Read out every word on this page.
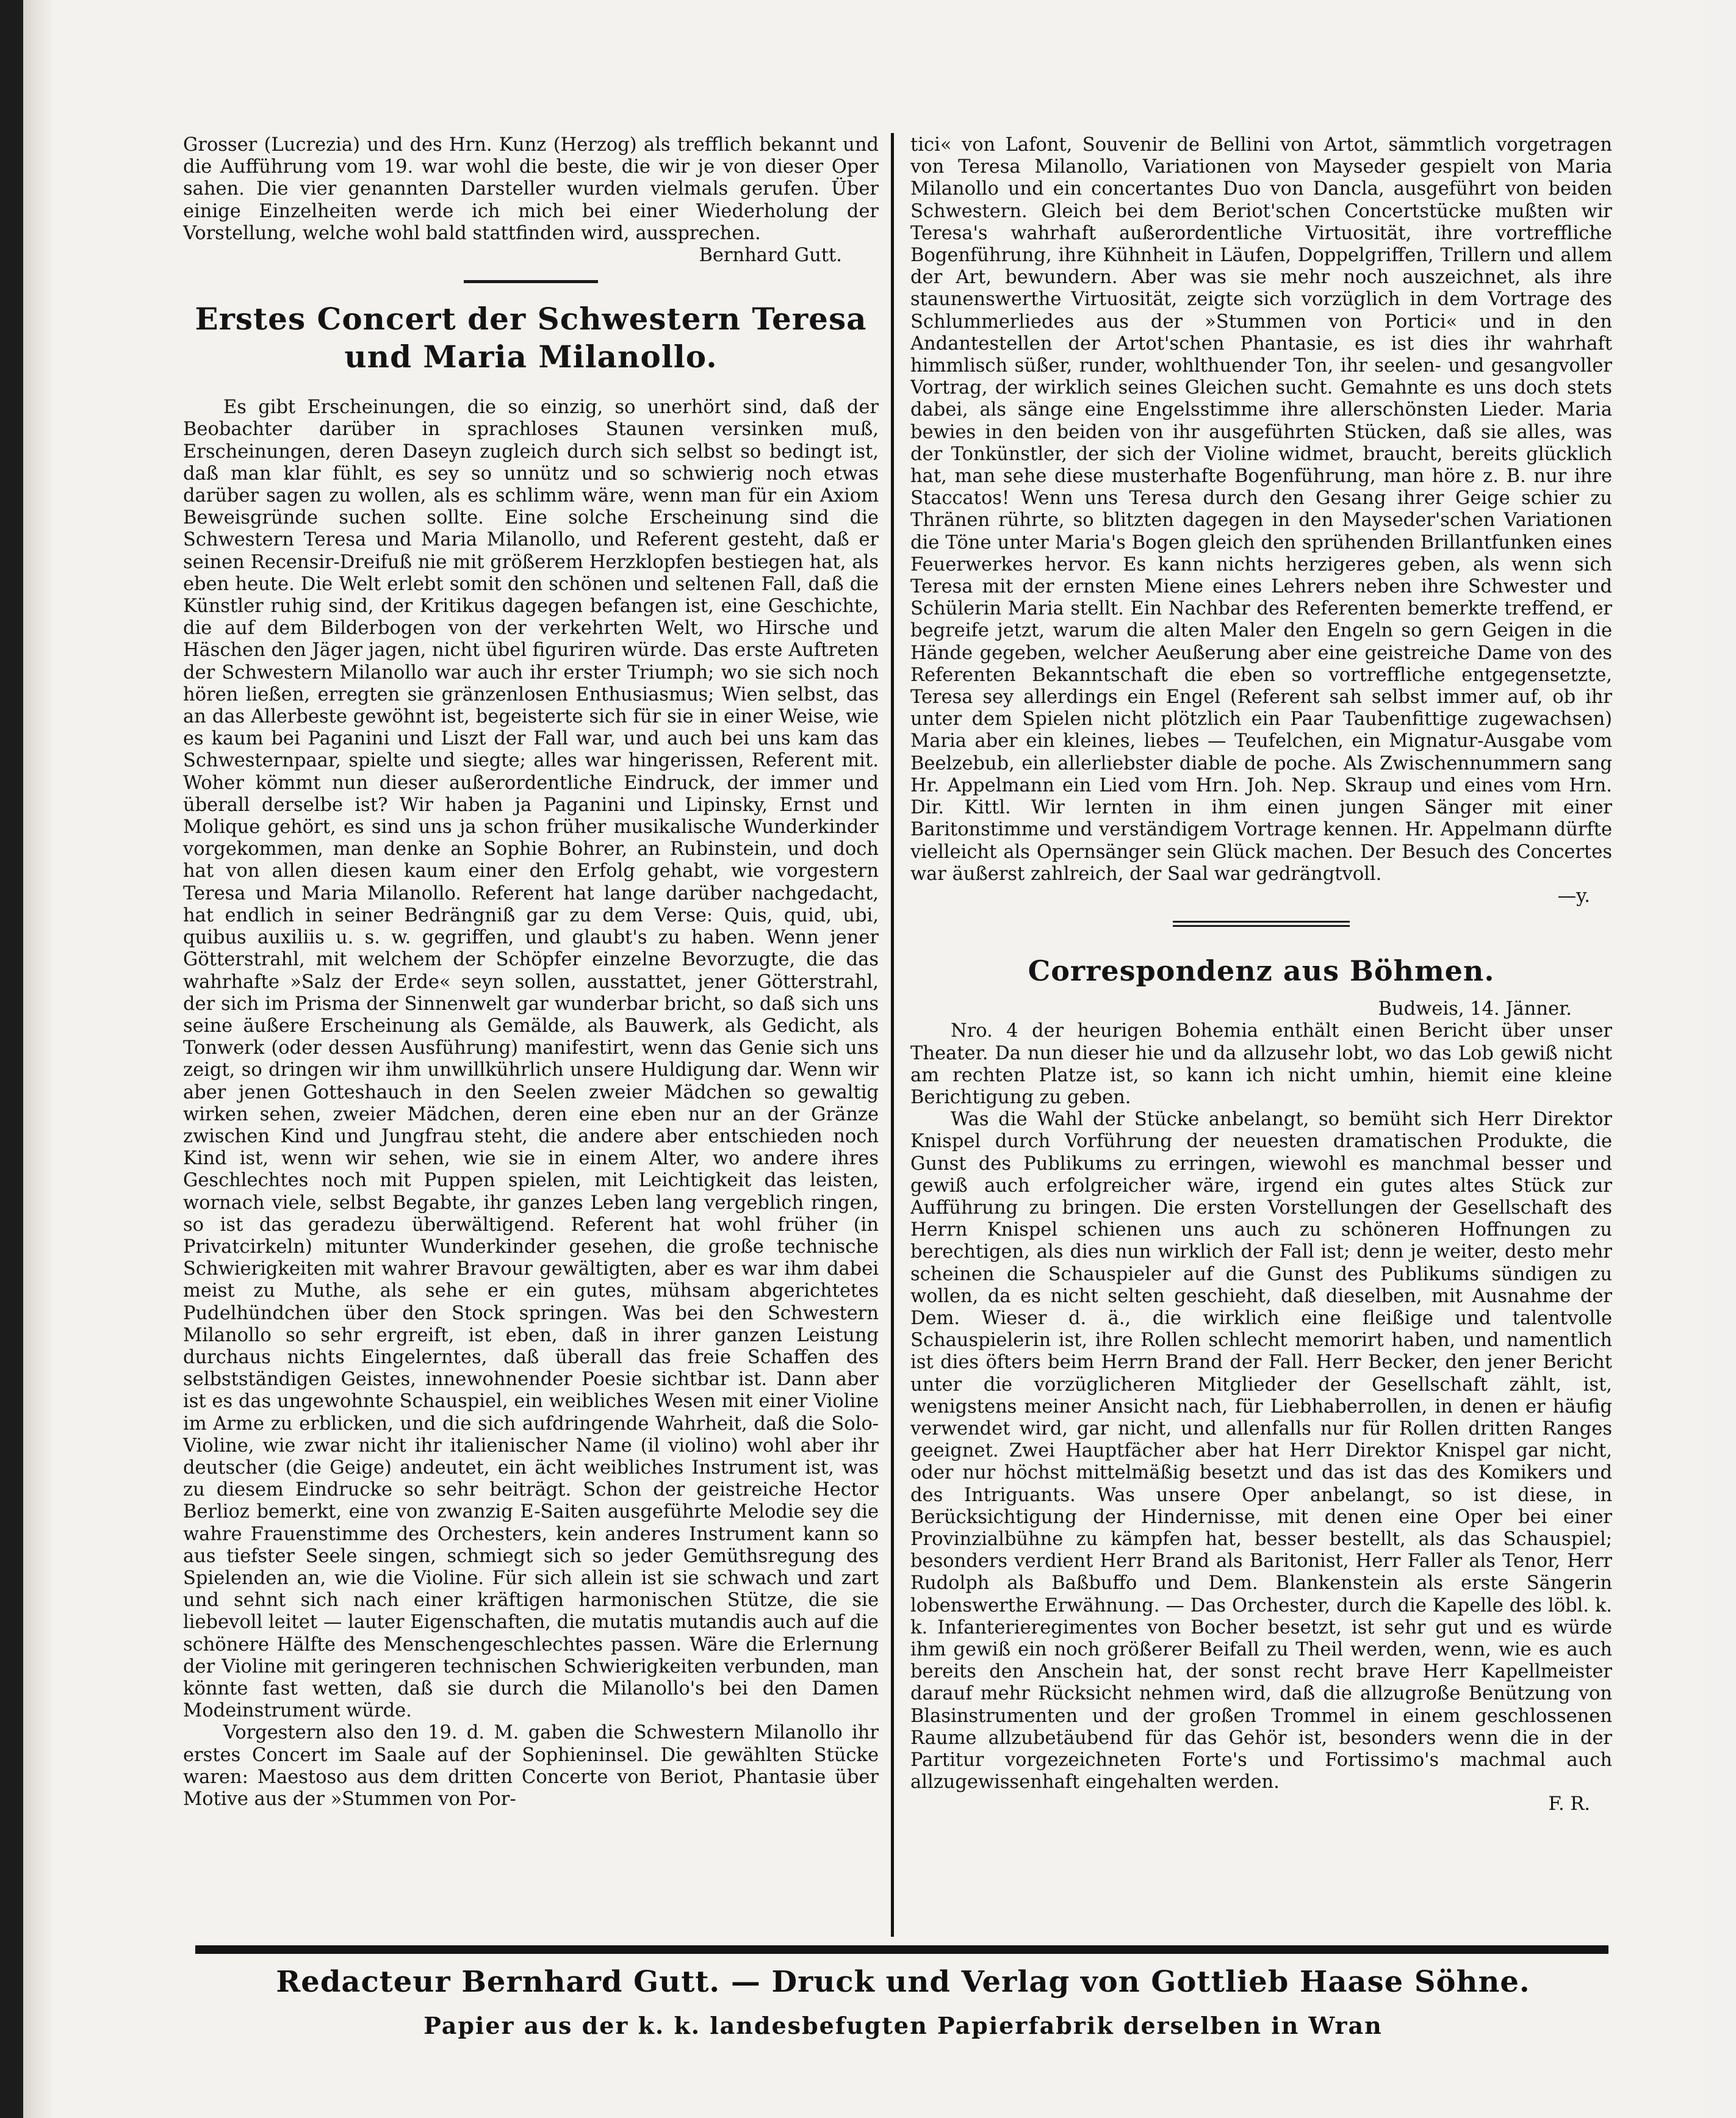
Grosser (Lucrezia) und des Hrn. Kunz (Herzog) als trefflich bekannt und die Aufführung vom 19. war wohl die beste, die wir je von dieser Oper sahen. Die vier genannten Darsteller wurden vielmals gerufen. Über einige Einzelheiten werde ich mich bei einer Wiederholung der Vorstellung, welche wohl bald stattfinden wird, aussprechen.

Bernhard Gutt.

Erstes Concert der Schwestern Teresa und Maria Milanollo.

Es gibt Erscheinungen, die so einzig, so unerhört sind, daß der Beobachter darüber in sprachloses Staunen versinken muß, Erscheinungen, deren Daseyn zugleich durch sich selbst so bedingt ist, daß man klar fühlt, es sey so unnütz und so schwierig noch etwas darüber sagen zu wollen, als es schlimm wäre, wenn man für ein Axiom Beweisgründe suchen sollte. Eine solche Erscheinung sind die Schwestern Teresa und Maria Milanollo, und Referent gesteht, daß er seinen Recensir-Dreifuß nie mit größerem Herzklopfen bestiegen hat, als eben heute. Die Welt erlebt somit den schönen und seltenen Fall, daß die Künstler ruhig sind, der Kritikus dagegen befangen ist, eine Geschichte, die auf dem Bilderbogen von der verkehrten Welt, wo Hirsche und Häschen den Jäger jagen, nicht übel figuriren würde. Das erste Auftreten der Schwestern Milanollo war auch ihr erster Triumph; wo sie sich noch hören ließen, erregten sie gränzenlosen Enthusiasmus; Wien selbst, das an das Allerbeste gewöhnt ist, begeisterte sich für sie in einer Weise, wie es kaum bei Paganini und Liszt der Fall war, und auch bei uns kam das Schwesternpaar, spielte und siegte; alles war hingerissen, Referent mit. Woher kömmt nun dieser außerordentliche Eindruck, der immer und überall derselbe ist? Wir haben ja Paganini und Lipinsky, Ernst und Molique gehört, es sind uns ja schon früher musikalische Wunderkinder vorgekommen, man denke an Sophie Bohrer, an Rubinstein, und doch hat von allen diesen kaum einer den Erfolg gehabt, wie vorgestern Teresa und Maria Milanollo. Referent hat lange darüber nachgedacht, hat endlich in seiner Bedrängniß gar zu dem Verse: Quis, quid, ubi, quibus auxiliis u. s. w. gegriffen, und glaubt's zu haben. Wenn jener Götterstrahl, mit welchem der Schöpfer einzelne Bevorzugte, die das wahrhafte »Salz der Erde« seyn sollen, ausstattet, jener Götterstrahl, der sich im Prisma der Sinnenwelt gar wunderbar bricht, so daß sich uns seine äußere Erscheinung als Gemälde, als Bauwerk, als Gedicht, als Tonwerk (oder dessen Ausführung) manifestirt, wenn das Genie sich uns zeigt, so dringen wir ihm unwillkührlich unsere Huldigung dar. Wenn wir aber jenen Gotteshauch in den Seelen zweier Mädchen so gewaltig wirken sehen, zweier Mädchen, deren eine eben nur an der Gränze zwischen Kind und Jungfrau steht, die andere aber entschieden noch Kind ist, wenn wir sehen, wie sie in einem Alter, wo andere ihres Geschlechtes noch mit Puppen spielen, mit Leichtigkeit das leisten, wornach viele, selbst Begabte, ihr ganzes Leben lang vergeblich ringen, so ist das geradezu überwältigend. Referent hat wohl früher (in Privatcirkeln) mitunter Wunderkinder gesehen, die große technische Schwierigkeiten mit wahrer Bravour gewältigten, aber es war ihm dabei meist zu Muthe, als sehe er ein gutes, mühsam abgerichtetes Pudelhündchen über den Stock springen. Was bei den Schwestern Milanollo so sehr ergreift, ist eben, daß in ihrer ganzen Leistung durchaus nichts Eingelerntes, daß überall das freie Schaffen des selbstständigen Geistes, innewohnender Poesie sichtbar ist. Dann aber ist es das ungewohnte Schauspiel, ein weibliches Wesen mit einer Violine im Arme zu erblicken, und die sich aufdringende Wahrheit, daß die Solo-Violine, wie zwar nicht ihr italienischer Name (il violino) wohl aber ihr deutscher (die Geige) andeutet, ein ächt weibliches Instrument ist, was zu diesem Eindrucke so sehr beiträgt. Schon der geistreiche Hector Berlioz bemerkt, eine von zwanzig E-Saiten ausgeführte Melodie sey die wahre Frauenstimme des Orchesters, kein anderes Instrument kann so aus tiefster Seele singen, schmiegt sich so jeder Gemüthsregung des Spielenden an, wie die Violine. Für sich allein ist sie schwach und zart und sehnt sich nach einer kräftigen harmonischen Stütze, die sie liebevoll leitet — lauter Eigenschaften, die mutatis mutandis auch auf die schönere Hälfte des Menschengeschlechtes passen. Wäre die Erlernung der Violine mit geringeren technischen Schwierigkeiten verbunden, man könnte fast wetten, daß sie durch die Milanollo's bei den Damen Modeinstrument würde.

Vorgestern also den 19. d. M. gaben die Schwestern Milanollo ihr erstes Concert im Saale auf der Sophieninsel. Die gewählten Stücke waren: Maestoso aus dem dritten Concerte von Beriot, Phantasie über Motive aus der »Stummen von Por-

tici« von Lafont, Souvenir de Bellini von Artot, sämmtlich vorgetragen von Teresa Milanollo, Variationen von Mayseder gespielt von Maria Milanollo und ein concertantes Duo von Dancla, ausgeführt von beiden Schwestern. Gleich bei dem Beriot'schen Concertstücke mußten wir Teresa's wahrhaft außerordentliche Virtuosität, ihre vortreffliche Bogenführung, ihre Kühnheit in Läufen, Doppelgriffen, Trillern und allem der Art, bewundern. Aber was sie mehr noch auszeichnet, als ihre staunenswerthe Virtuosität, zeigte sich vorzüglich in dem Vortrage des Schlummerliedes aus der »Stummen von Portici« und in den Andantestellen der Artot'schen Phantasie, es ist dies ihr wahrhaft himmlisch süßer, runder, wohlthuender Ton, ihr seelen- und gesangvoller Vortrag, der wirklich seines Gleichen sucht. Gemahnte es uns doch stets dabei, als sänge eine Engelsstimme ihre allerschönsten Lieder. Maria bewies in den beiden von ihr ausgeführten Stücken, daß sie alles, was der Tonkünstler, der sich der Violine widmet, braucht, bereits glücklich hat, man sehe diese musterhafte Bogenführung, man höre z. B. nur ihre Staccatos! Wenn uns Teresa durch den Gesang ihrer Geige schier zu Thränen rührte, so blitzten dagegen in den Mayseder'schen Variationen die Töne unter Maria's Bogen gleich den sprühenden Brillantfunken eines Feuerwerkes hervor. Es kann nichts herzigeres geben, als wenn sich Teresa mit der ernsten Miene eines Lehrers neben ihre Schwester und Schülerin Maria stellt. Ein Nachbar des Referenten bemerkte treffend, er begreife jetzt, warum die alten Maler den Engeln so gern Geigen in die Hände gegeben, welcher Aeußerung aber eine geistreiche Dame von des Referenten Bekanntschaft die eben so vortreffliche entgegensetzte, Teresa sey allerdings ein Engel (Referent sah selbst immer auf, ob ihr unter dem Spielen nicht plötzlich ein Paar Taubenfittige zugewachsen) Maria aber ein kleines, liebes — Teufelchen, ein Mignatur-Ausgabe vom Beelzebub, ein allerliebster diable de poche. Als Zwischennummern sang Hr. Appelmann ein Lied vom Hrn. Joh. Nep. Skraup und eines vom Hrn. Dir. Kittl. Wir lernten in ihm einen jungen Sänger mit einer Baritonstimme und verständigem Vortrage kennen. Hr. Appelmann dürfte vielleicht als Opernsänger sein Glück machen. Der Besuch des Concertes war äußerst zahlreich, der Saal war gedrängtvoll.

—y.

Correspondenz aus Böhmen.

Budweis, 14. Jänner.

Nro. 4 der heurigen Bohemia enthält einen Bericht über unser Theater. Da nun dieser hie und da allzusehr lobt, wo das Lob gewiß nicht am rechten Platze ist, so kann ich nicht umhin, hiemit eine kleine Berichtigung zu geben.

Was die Wahl der Stücke anbelangt, so bemüht sich Herr Direktor Knispel durch Vorführung der neuesten dramatischen Produkte, die Gunst des Publikums zu erringen, wiewohl es manchmal besser und gewiß auch erfolgreicher wäre, irgend ein gutes altes Stück zur Aufführung zu bringen. Die ersten Vorstellungen der Gesellschaft des Herrn Knispel schienen uns auch zu schöneren Hoffnungen zu berechtigen, als dies nun wirklich der Fall ist; denn je weiter, desto mehr scheinen die Schauspieler auf die Gunst des Publikums sündigen zu wollen, da es nicht selten geschieht, daß dieselben, mit Ausnahme der Dem. Wieser d. ä., die wirklich eine fleißige und talentvolle Schauspielerin ist, ihre Rollen schlecht memorirt haben, und namentlich ist dies öfters beim Herrn Brand der Fall. Herr Becker, den jener Bericht unter die vorzüglicheren Mitglieder der Gesellschaft zählt, ist, wenigstens meiner Ansicht nach, für Liebhaberrollen, in denen er häufig verwendet wird, gar nicht, und allenfalls nur für Rollen dritten Ranges geeignet. Zwei Hauptfächer aber hat Herr Direktor Knispel gar nicht, oder nur höchst mittelmäßig besetzt und das ist das des Komikers und des Intriguants. Was unsere Oper anbelangt, so ist diese, in Berücksichtigung der Hindernisse, mit denen eine Oper bei einer Provinzialbühne zu kämpfen hat, besser bestellt, als das Schauspiel; besonders verdient Herr Brand als Baritonist, Herr Faller als Tenor, Herr Rudolph als Baßbuffo und Dem. Blankenstein als erste Sängerin lobenswerthe Erwähnung. — Das Orchester, durch die Kapelle des löbl. k. k. Infanterieregimentes von Bocher besetzt, ist sehr gut und es würde ihm gewiß ein noch größerer Beifall zu Theil werden, wenn, wie es auch bereits den Anschein hat, der sonst recht brave Herr Kapellmeister darauf mehr Rücksicht nehmen wird, daß die allzugroße Benützung von Blasinstrumenten und der großen Trommel in einem geschlossenen Raume allzubetäubend für das Gehör ist, besonders wenn die in der Partitur vorgezeichneten Forte's und Fortissimo's machmal auch allzugewissenhaft eingehalten werden.

F. R.

Redacteur Bernhard Gutt. — Druck und Verlag von Gottlieb Haase Söhne.
Papier aus der k. k. landesbefugten Papierfabrik derselben in Wran
